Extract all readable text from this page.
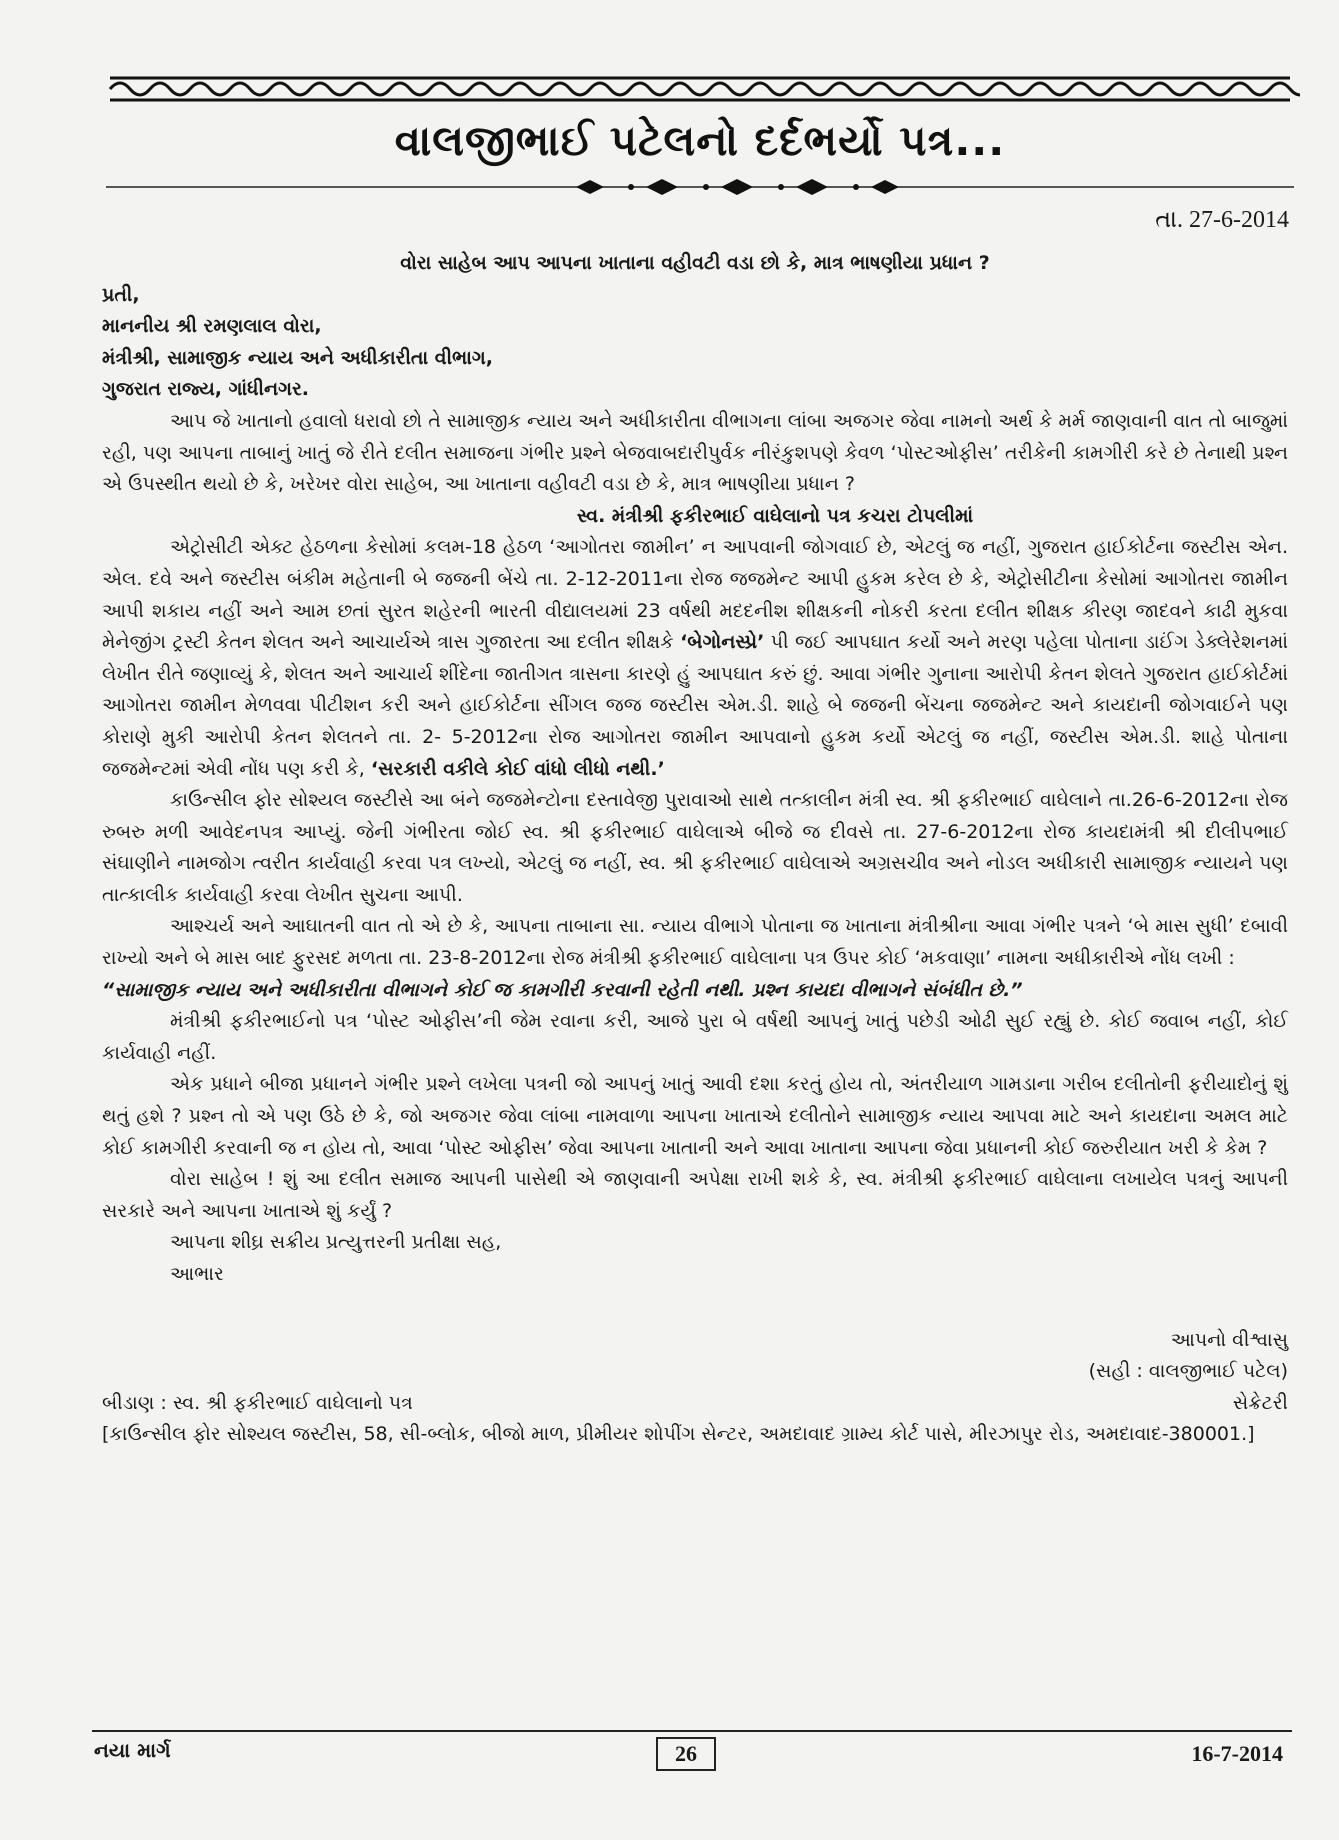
વાલજીભાઈ પટેલનો દર્દભર્યો પત્ર...
તા. 27-6-2014

વોરા સાહેબ આપ આપના ખાતાના વહીવટી વડા છો કે, માત્ર ભાષણીયા પ્રધાન ?

પ્રતી,

માનનીય શ્રી રમણલાલ વોરા,

મંત્રીશ્રી, સામાજીક ન્યાય અને અધીકારીતા વીભાગ,

ગુજરાત રાજ્ય, ગાંધીનગર.

આપ જે ખાતાનો હવાલો ધરાવો છો તે સામાજીક ન્યાય અને અધીકારીતા વીભાગના લાંબા અજગર જેવા નામનો અર્થ કે મર્મ જાણવાની વાત તો બાજુમાં રહી, પણ આપના તાબાનું ખાતું જે રીતે દલીત સમાજના ગંભીર પ્રશ્ને બેજવાબદારીપુર્વક નીરંકુશપણે કેવળ ‘પોસ્ટઓફીસ’ તરીકેની કામગીરી કરે છે તેનાથી પ્રશ્ન એ ઉપસ્થીત થયો છે કે, ખરેખર વોરા સાહેબ, આ ખાતાના વહીવટી વડા છે કે, માત્ર ભાષણીયા પ્રધાન ?

સ્વ. મંત્રીશ્રી ફકીરભાઈ વાઘેલાનો પત્ર કચરા ટોપલીમાં

એટ્રોસીટી એક્ટ હેઠળના કેસોમાં કલમ-18 હેઠળ ‘આગોતરા જામીન’ ન આપવાની જોગવાઈ છે, એટલું જ નહીં, ગુજરાત હાઈકોર્ટના જસ્ટીસ એન. એલ. દવે અને જસ્ટીસ બંકીમ મહેતાની બે જજની બેંચે તા. 2-12-2011ના રોજ જજમેન્ટ આપી હુકમ કરેલ છે કે, એટ્રોસીટીના કેસોમાં આગોતરા જામીન આપી શકાય નહીં અને આમ છતાં સુરત શહેરની ભારતી વીદ્યાલયમાં 23 વર્ષથી મદદનીશ શીક્ષકની નોકરી કરતા દલીત શીક્ષક કીરણ જાદવને કાઢી મુકવા મેનેજીંગ ટ્રસ્ટી કેતન શેલત અને આચાર્યએ ત્રાસ ગુજારતા આ દલીત શીક્ષકે ‘બેગોનસ્પ્રે’ પી જઈ આપઘાત કર્યો અને મરણ પહેલા પોતાના ડાઈંગ ડેક્લેરેશનમાં લેખીત રીતે જણાવ્યું કે, શેલત અને આચાર્ય શીંદેના જાતીગત ત્રાસના કારણે હું આપઘાત કરું છું. આવા ગંભીર ગુનાના આરોપી કેતન શેલતે ગુજરાત હાઈકોર્ટમાં આગોતરા જામીન મેળવવા પીટીશન કરી અને હાઈકોર્ટના સીંગલ જજ જસ્ટીસ એમ.ડી. શાહે બે જજની બેંચના જજમેન્ટ અને કાયદાની જોગવાઈને પણ કોરાણે મુકી આરોપી કેતન શેલતને તા. 2- 5-2012ના રોજ આગોતરા જામીન આપવાનો હુકમ કર્યો એટલું જ નહીં, જસ્ટીસ એમ.ડી. શાહે પોતાના જજમેન્ટમાં એવી નોંધ પણ કરી કે, ‘સરકારી વકીલે કોઈ વાંધો લીધો નથી.’

કાઉન્સીલ ફોર સોશ્યલ જસ્ટીસે આ બંને જજમેન્ટોના દસ્તાવેજી પુરાવાઓ સાથે તત્કાલીન મંત્રી સ્વ. શ્રી ફકીરભાઈ વાઘેલાને તા.26-6-2012ના રોજ રુબરુ મળી આવેદનપત્ર આપ્યું. જેની ગંભીરતા જોઈ સ્વ. શ્રી ફકીરભાઈ વાઘેલાએ બીજે જ દીવસે તા. 27-6-2012ના રોજ કાયદામંત્રી શ્રી દીલીપભાઈ સંઘાણીને નામજોગ ત્વરીત કાર્યવાહી કરવા પત્ર લખ્યો, એટલું જ નહીં, સ્વ. શ્રી ફકીરભાઈ વાઘેલાએ અગ્રસચીવ અને નોડલ અધીકારી સામાજીક ન્યાયને પણ તાત્કાલીક કાર્યવાહી કરવા લેખીત સુચના આપી.

આશ્ચર્ય અને આઘાતની વાત તો એ છે કે, આપના તાબાના સા. ન્યાય વીભાગે પોતાના જ ખાતાના મંત્રીશ્રીના આવા ગંભીર પત્રને ‘બે માસ સુધી’ દબાવી રાખ્યો અને બે માસ બાદ ફુરસદ મળતા તા. 23-8-2012ના રોજ મંત્રીશ્રી ફકીરભાઈ વાઘેલાના પત્ર ઉપર કોઈ ‘મકવાણા’ નામના અધીકારીએ નોંધ લખી :

“સામાજીક ન્યાય અને અધીકારીતા વીભાગને કોઈ જ કામગીરી કરવાની રહેતી નથી. પ્રશ્ન કાયદા વીભાગને સંબંધીત છે.”

મંત્રીશ્રી ફકીરભાઈનો પત્ર ‘પોસ્ટ ઓફીસ’ની જેમ રવાના કરી, આજે પુરા બે વર્ષથી આપનું ખાતું પછેડી ઓઢી સુઈ રહ્યું છે. કોઈ જવાબ નહીં, કોઈ કાર્યવાહી નહીં.

એક પ્રધાને બીજા પ્રધાનને ગંભીર પ્રશ્ને લખેલા પત્રની જો આપનું ખાતું આવી દશા કરતું હોય તો, અંતરીયાળ ગામડાના ગરીબ દલીતોની ફરીયાદોનું શું થતું હશે ? પ્રશ્ન તો એ પણ ઉઠે છે કે, જો અજગર જેવા લાંબા નામવાળા આપના ખાતાએ દલીતોને સામાજીક ન્યાય આપવા માટે અને કાયદાના અમલ માટે કોઈ કામગીરી કરવાની જ ન હોય તો, આવા ‘પોસ્ટ ઓફીસ’ જેવા આપના ખાતાની અને આવા ખાતાના આપના જેવા પ્રધાનની કોઈ જરુરીયાત ખરી કે કેમ ?

વોરા સાહેબ ! શું આ દલીત સમાજ આપની પાસેથી એ જાણવાની અપેક્ષા રાખી શકે કે, સ્વ. મંત્રીશ્રી ફકીરભાઈ વાઘેલાના લખાયેલ પત્રનું આપની સરકારે અને આપના ખાતાએ શું કર્યું ?

આપના શીઘ્ર સક્રીય પ્રત્યુત્તરની પ્રતીક્ષા સહ,

આભાર

આપનો વીશ્વાસુ

(સહી : વાલજીભાઈ પટેલ)

બીડાણ : સ્વ. શ્રી ફકીરભાઈ વાઘેલાનો પત્ર	સેક્રેટરી

[કાઉન્સીલ ફોર સોશ્યલ જસ્ટીસ, 58, સી-બ્લોક, બીજો માળ, પ્રીમીયર શોપીંગ સેન્ટર, અમદાવાદ ગ્રામ્ય કોર્ટ પાસે, મીરઝાપુર રોડ, અમદાવાદ-380001.]

નયા માર્ગ	26	16-7-2014
